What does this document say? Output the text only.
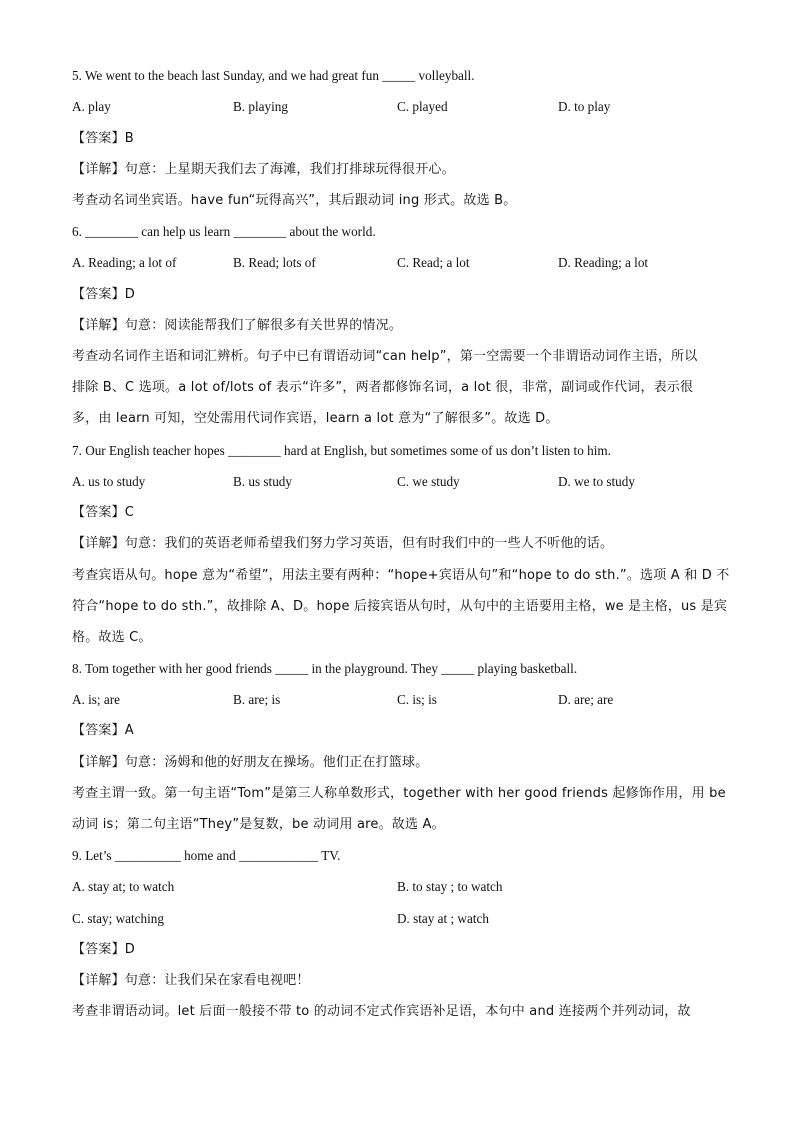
5. We went to the beach last Sunday, and we had great fun _____ volleyball.
A. play	B. playing	C. played	D. to play
【答案】B
【详解】句意：上星期天我们去了海滩，我们打排球玩得很开心。
考查动名词坐宾语。have fun“玩得高兴”，其后跟动词 ing 形式。故选 B。
6. ________ can help us learn ________ about the world.
A. Reading; a lot of	B. Read; lots of	C. Read; a lot	D. Reading; a lot
【答案】D
【详解】句意：阅读能帮我们了解很多有关世界的情况。
考查动名词作主语和词汇辨析。句子中已有谓语动词“can help”，第一空需要一个非谓语动词作主语，所以
排除 B、C 选项。a lot of/lots of 表示“许多”，两者都修饰名词，a lot 很，非常，副词或作代词，表示很
多，由 learn 可知，空处需用代词作宾语，learn a lot 意为“了解很多”。故选 D。
7. Our English teacher hopes ________ hard at English, but sometimes some of us don’t listen to him.
A. us to study	B. us study	C. we study	D. we to study
【答案】C
【详解】句意：我们的英语老师希望我们努力学习英语，但有时我们中的一些人不听他的话。
考查宾语从句。hope 意为“希望”，用法主要有两种：“hope+宾语从句”和“hope to do sth.”。选项 A 和 D 不
符合“hope to do sth.”，故排除 A、D。hope 后接宾语从句时，从句中的主语要用主格，we 是主格，us 是宾
格。故选 C。
8. Tom together with her good friends _____ in the playground. They _____ playing basketball.
A. is; are	B. are; is	C. is; is	D. are; are
【答案】A
【详解】句意：汤姆和他的好朋友在操场。他们正在打篮球。
考查主谓一致。第一句主语“Tom”是第三人称单数形式，together with her good friends 起修饰作用，用 be
动词 is；第二句主语“They”是复数，be 动词用 are。故选 A。
9. Let’s __________ home and ____________ TV.
A. stay at; to watch	B. to stay ; to watch
C. stay; watching	D. stay at ; watch
【答案】D
【详解】句意：让我们呆在家看电视吧！
考查非谓语动词。let 后面一般接不带 to 的动词不定式作宾语补足语，本句中 and 连接两个并列动词，故
